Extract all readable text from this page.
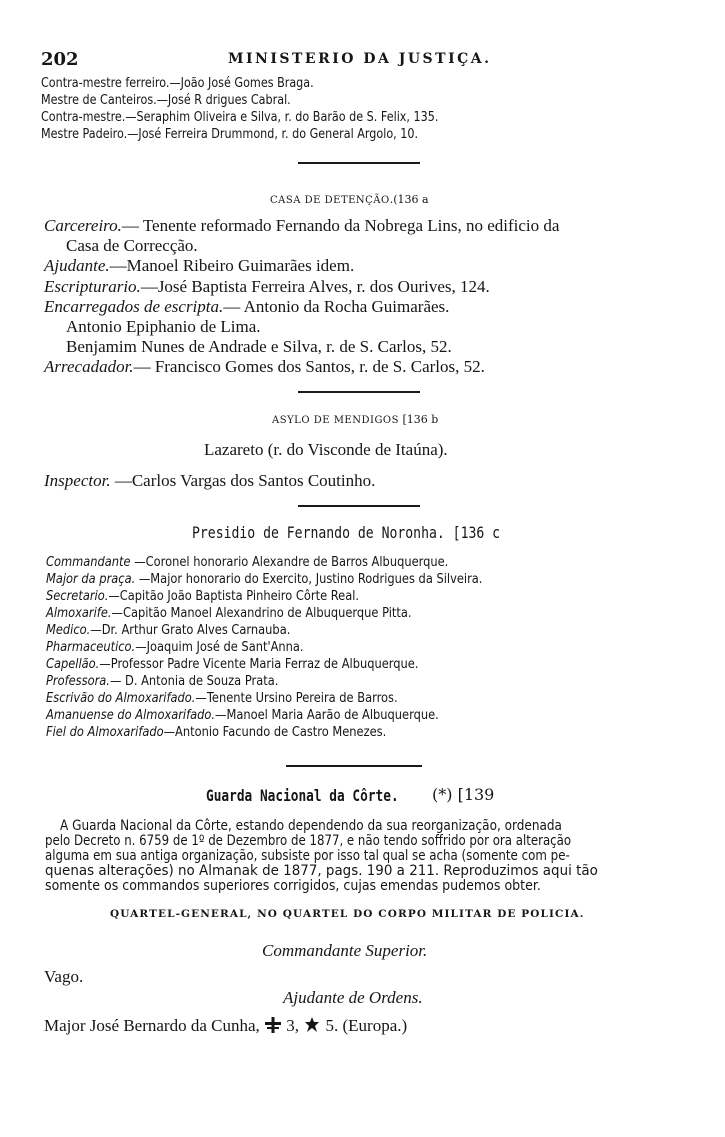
202	MINISTERIO DA JUSTIÇA.
Contra-mestre ferreiro.—João José Gomes Braga.
Mestre de Canteiros.—José R drigues Cabral.
Contra-mestre.—Seraphim Oliveira e Silva, r. do Barão de S. Felix, 135.
Mestre Padeiro.—José Ferreira Drummond, r. do General Argolo, 10.
CASA DE DETENÇÃO.(136 a
Carcereiro.— Tenente reformado Fernando da Nobrega Lins, no edificio da
Casa de Correcção.
Ajudante.—Manoel Ribeiro Guimarães idem.
Escripturario.—José Baptista Ferreira Alves, r. dos Ourives, 124.
Encarregados de escripta.— Antonio da Rocha Guimarães.
Antonio Epiphanio de Lima.
Benjamim Nunes de Andrade e Silva, r. de S. Carlos, 52.
Arrecadador.— Francisco Gomes dos Santos, r. de S. Carlos, 52.
ASYLO DE MENDIGOS [136 b
Lazareto (r. do Visconde de Itaúna).
Inspector. —Carlos Vargas dos Santos Coutinho.
Presidio de Fernando de Noronha. [136 c
Commandante —Coronel honorario Alexandre de Barros Albuquerque.
Major da praça. —Major honorario do Exercito, Justino Rodrigues da Silveira.
Secretario.—Capitão João Baptista Pinheiro Côrte Real.
Almoxarife.—Capitão Manoel Alexandrino de Albuquerque Pitta.
Medico.—Dr. Arthur Grato Alves Carnauba.
Pharmaceutico.—Joaquim José de Sant'Anna.
Capellão.—Professor Padre Vicente Maria Ferraz de Albuquerque.
Professora.— D. Antonia de Souza Prata.
Escrivão do Almoxarifado.—Tenente Ursino Pereira de Barros.
Amanuense do Almoxarifado.—Manoel Maria Aarão de Albuquerque.
Fiel do Almoxarifado—Antonio Facundo de Castro Menezes.
Guarda Nacional da Côrte. (*) [139
A Guarda Nacional da Côrte, estando dependendo da sua reorganização, ordenada
pelo Decreto n. 6759 de 1º de Dezembro de 1877, e não tendo soffrido por ora alteração
alguma em sua antiga organização, subsiste por isso tal qual se acha (somente com pe-
quenas alterações) no Almanak de 1877, pags. 190 a 211. Reproduzimos aqui tão
somente os commandos superiores corrigidos, cujas emendas pudemos obter.
QUARTEL-GENERAL, NO QUARTEL DO CORPO MILITAR DE POLICIA.
Commandante Superior.
Vago.
Ajudante de Ordens.
Major José Bernardo da Cunha, 3, 5. (Europa.)
